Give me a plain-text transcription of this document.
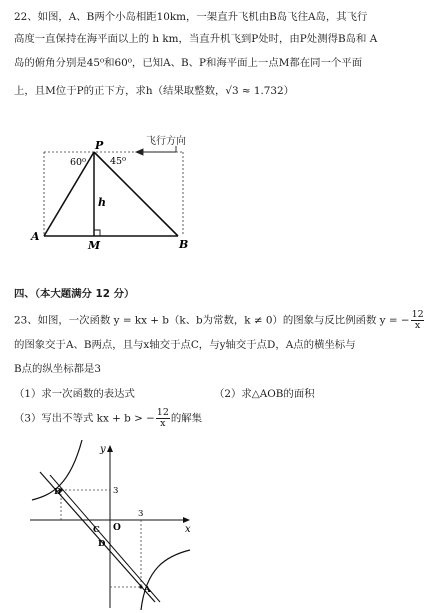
22、如图，A、B两个小岛相距10km，一架直升飞机由B岛飞往A岛，其飞行
高度一直保持在海平面以上的 h km，当直升机飞到P处时，由P处测得B岛和 A
岛的俯角分别是45⁰和60⁰，已知A、B、P和海平面上一点M都在同一个平面
上，且M位于P的正下方，求h（结果取整数，√3 ≈ 1.732）
飞行方向
P
A
B
M
h
60⁰	45⁰
四、（本大题满分 12 分）
23、如图，一次函数 y = kx + b（k、b为常数，k ≠ 0）的图象与反比例函数 y = − $\frac{12}{x}$
的图象交于A、B两点，且与x轴交于点C，与y轴交于点D，A点的横坐标与
B点的纵坐标都是3
（1）求一次函数的表达式	（2）求△AOB的面积
（3）写出不等式 kx + b > − $\frac{12}{x}$ 的解集
y
x
O
3
3
B
A
C
D
